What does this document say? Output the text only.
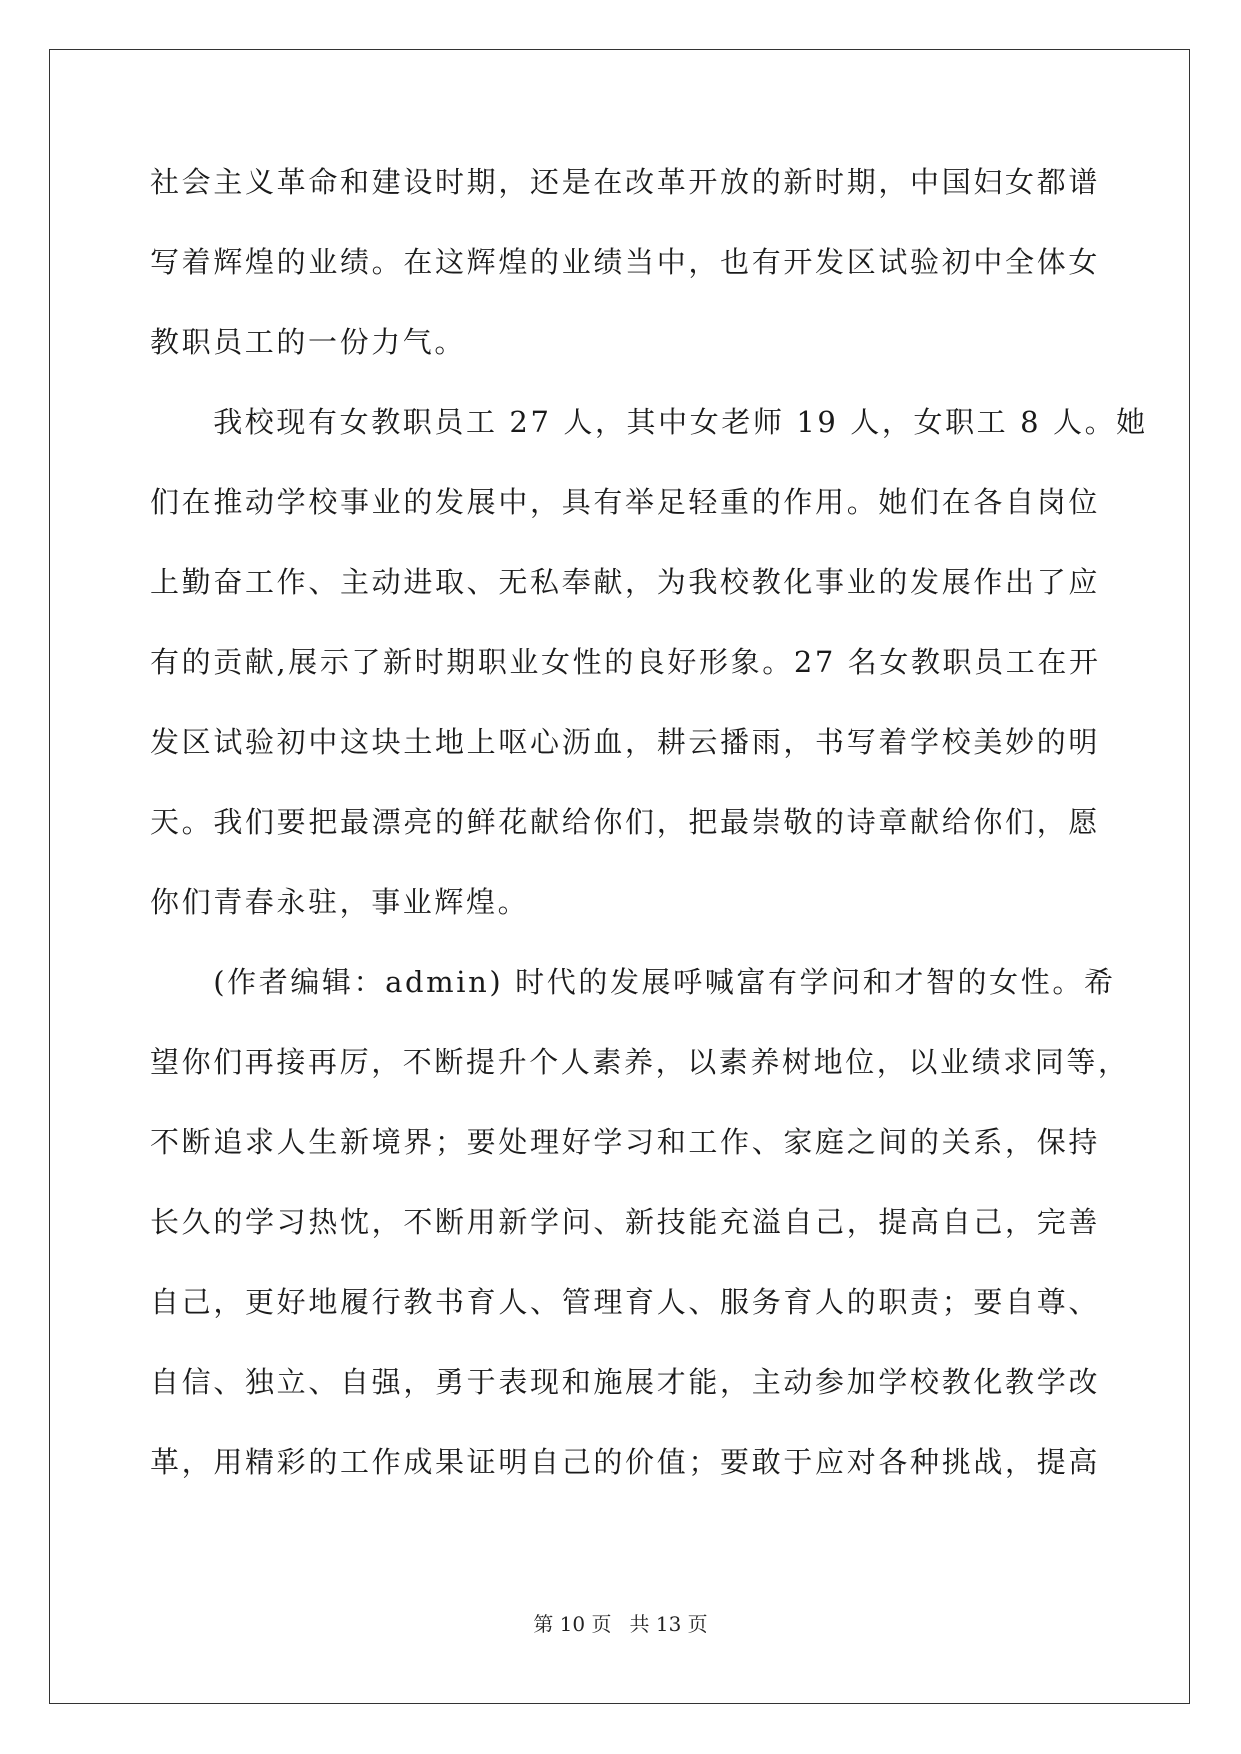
社会主义革命和建设时期，还是在改革开放的新时期，中国妇女都谱
写着辉煌的业绩。在这辉煌的业绩当中，也有开发区试验初中全体女
教职员工的一份力气。
　　我校现有女教职员工 27 人，其中女老师 19 人，女职工 8 人。她
们在推动学校事业的发展中，具有举足轻重的作用。她们在各自岗位
上勤奋工作、主动进取、无私奉献，为我校教化事业的发展作出了应
有的贡献,展示了新时期职业女性的良好形象。27 名女教职员工在开
发区试验初中这块土地上呕心沥血，耕云播雨，书写着学校美妙的明
天。我们要把最漂亮的鲜花献给你们，把最崇敬的诗章献给你们，愿
你们青春永驻，事业辉煌。
　　(作者编辑：admin) 时代的发展呼喊富有学问和才智的女性。希
望你们再接再厉，不断提升个人素养，以素养树地位，以业绩求同等，
不断追求人生新境界；要处理好学习和工作、家庭之间的关系，保持
长久的学习热忱，不断用新学问、新技能充溢自己，提高自己，完善
自己，更好地履行教书育人、管理育人、服务育人的职责；要自尊、
自信、独立、自强，勇于表现和施展才能，主动参加学校教化教学改
革，用精彩的工作成果证明自己的价值；要敢于应对各种挑战，提高
第 10 页 共 13 页
